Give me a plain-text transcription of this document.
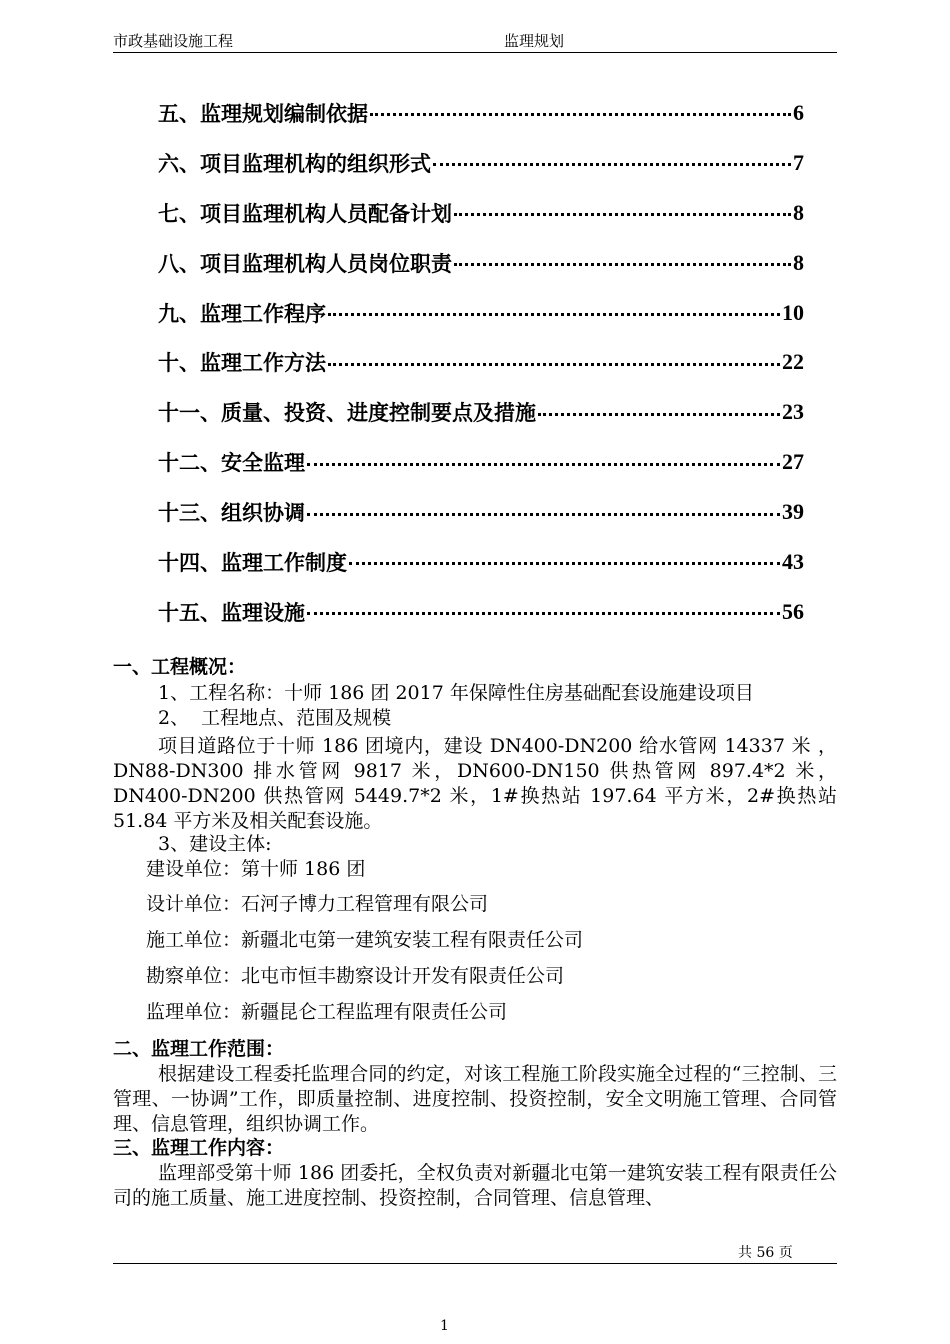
市政基础设施工程	监理规划
五、监理规划编制依据	6
六、项目监理机构的组织形式	7
七、项目监理机构人员配备计划	8
八、项目监理机构人员岗位职责	8
九、监理工作程序	10
十、监理工作方法	22
十一、质量、投资、进度控制要点及措施	23
十二、安全监理	27
十三、组织协调	39
十四、监理工作制度	43
十五、监理设施	56
一、工程概况：
1、工程名称：十师 186 团 2017 年保障性住房基础配套设施建设项目
2、  工程地点、范围及规模
项目道路位于十师 186 团境内，建设 DN400-DN200 给水管网 14337 米 ，DN88-DN300 排水管网 9817 米，DN600-DN150 供热管网 897.4*2 米，DN400-DN200 供热管网 5449.7*2 米，1#换热站 197.64 平方米，2#换热站 51.84 平方米及相关配套设施。
3、建设主体:
建设单位：第十师 186 团
设计单位：石河子博力工程管理有限公司
施工单位：新疆北屯第一建筑安装工程有限责任公司
勘察单位：北屯市恒丰勘察设计开发有限责任公司
监理单位：新疆昆仑工程监理有限责任公司
二、监理工作范围：
根据建设工程委托监理合同的约定，对该工程施工阶段实施全过程的“三控制、三管理、一协调”工作，即质量控制、进度控制、投资控制，安全文明施工管理、合同管理、信息管理，组织协调工作。
三、监理工作内容：
监理部受第十师 186 团委托，全权负责对新疆北屯第一建筑安装工程有限责任公司的施工质量、施工进度控制、投资控制，合同管理、信息管理、
共 56 页
1
